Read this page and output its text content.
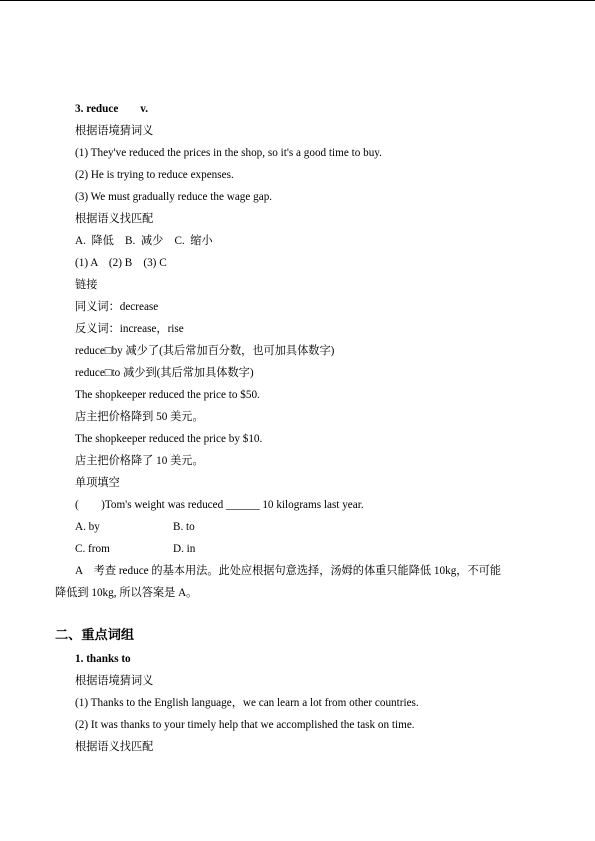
3. reduce v.
根据语境猜词义
(1) They've reduced the prices in the shop, so it's a good time to buy.
(2) He is trying to reduce expenses.
(3) We must gradually reduce the wage gap.
根据语义找匹配
A.  降低    B.  减少    C.  缩小
(1) A    (2) B    (3) C
链接
同义词：decrease
反义词：increase，rise
reduce□by 减少了(其后常加百分数，也可加具体数字)
reduce□to 减少到(其后常加具体数字)
The shopkeeper reduced the price to $50.
店主把价格降到 50 美元。
The shopkeeper reduced the price by $10.
店主把价格降了 10 美元。
单项填空
(        )Tom's weight was reduced ______ 10 kilograms last year.
A. by	B. to
C. from	D. in
A    考查 reduce 的基本用法。此处应根据句意选择，汤姆的体重只能降低 10kg，不可能
降低到 10kg, 所以答案是 A。
二、重点词组
1. thanks to
根据语境猜词义
(1) Thanks to the English language，we can learn a lot from other countries.
(2) It was thanks to your timely help that we accomplished the task on time.
根据语义找匹配
